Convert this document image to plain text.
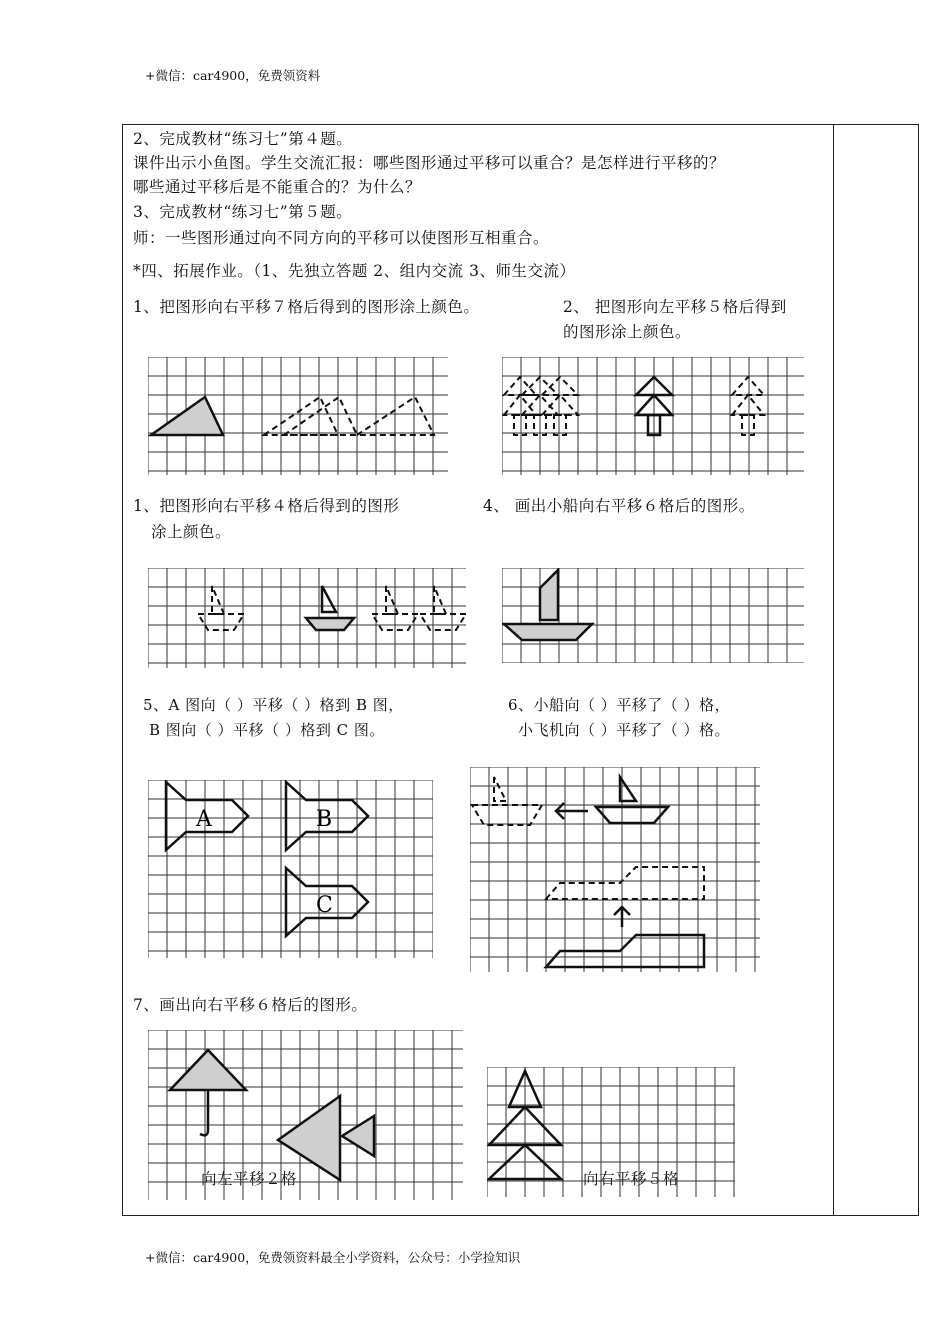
+微信：car4900，免费领资料
2、完成教材“练习七”第４题。
课件出示小鱼图。学生交流汇报：哪些图形通过平移可以重合？是怎样进行平移的？
哪些通过平移后是不能重合的？为什么？
3、完成教材“练习七”第５题。
师：一些图形通过向不同方向的平移可以使图形互相重合。
*四、拓展作业。（1、先独立答题 2、组内交流 3、师生交流）
1、把图形向右平移７格后得到的图形涂上颜色。	2、 把图形向左平移５格后得到
的图形涂上颜色。
1、把图形向右平移４格后得到的图形
涂上颜色。
4、 画出小船向右平移６格后的图形。
5、A 图向（ ）平移（ ）格到 B 图，
B 图向（ ）平移（ ）格到 C 图。
6、小船向（ ）平移了（ ）格，
小飞机向（ ）平移了（ ）格。
7、画出向右平移６格后的图形。
向左平移２格	向右平移５格
A	B
C
+微信：car4900，免费领资料最全小学资料，公众号：小学捡知识
